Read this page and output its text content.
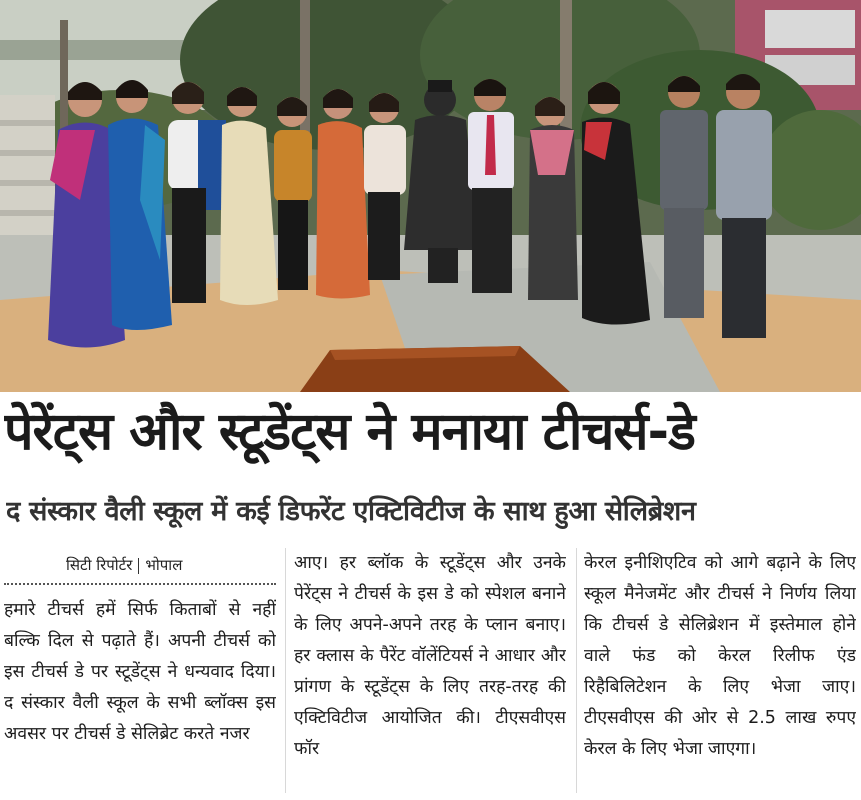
पेरेंट्स और स्टूडेंट्स ने मनाया टीचर्स-डे
द संस्कार वैली स्कूल में कई डिफरेंट एक्टिविटीज के साथ हुआ सेलिब्रेशन
सिटी रिपोर्टर भोपाल

हमारे टीचर्स हमें सिर्फ किताबों से नहीं बल्कि दिल से पढ़ाते हैं। अपनी टीचर्स को इस टीचर्स डे पर स्टूडेंट्स ने धन्यवाद दिया। द संस्कार वैली स्कूल के सभी ब्लॉक्स इस अवसर पर टीचर्स डे सेलिब्रेट करते नजर

आए। हर ब्लॉक के स्टूडेंट्स और उनके पेरेंट्स ने टीचर्स के इस डे को स्पेशल बनाने के लिए अपने-अपने तरह के प्लान बनाए। हर क्लास के पैरेंट वॉलेंटियर्स ने आधार और प्रांगण के स्टूडेंट्स के लिए तरह-तरह की एक्टिविटीज आयोजित की। टीएसवीएस फॉर

केरल इनीशिएटिव को आगे बढ़ाने के लिए स्कूल मैनेजमेंट और टीचर्स ने निर्णय लिया कि टीचर्स डे सेलिब्रेशन में इस्तेमाल होने वाले फंड को केरल रिलीफ एंड रिहैबिलिटेशन के लिए भेजा जाए। टीएसवीएस की ओर से 2.5 लाख रुपए केरल के लिए भेजा जाएगा।
